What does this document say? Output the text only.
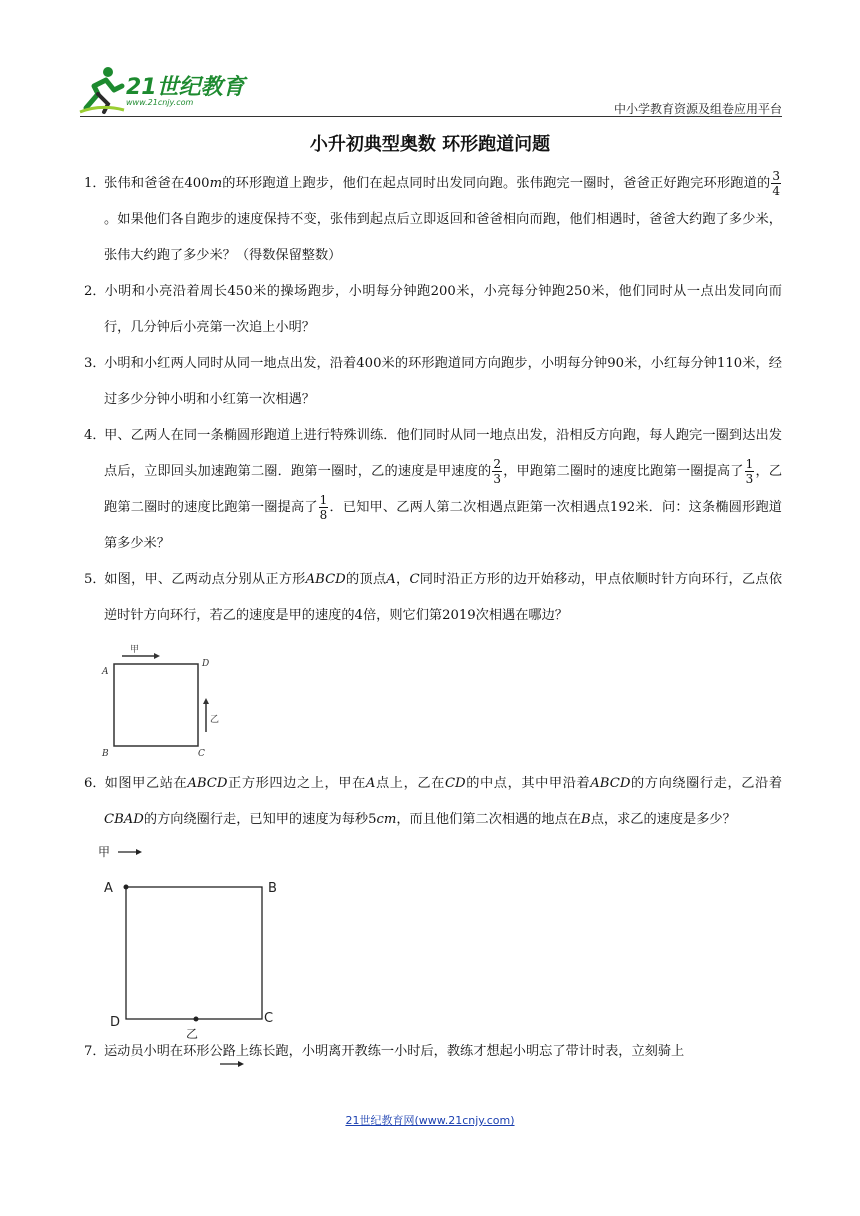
21世纪教育
www.21cnjy.com	中小学教育资源及组卷应用平台
小升初典型奥数 环形跑道问题

1．张伟和爸爸在400m的环形跑道上跑步，他们在起点同时出发同向跑。张伟跑完一圈时，爸爸正好跑完环形跑道的 $\frac{3}{4}$
。如果他们各自跑步的速度保持不变，张伟到起点后立即返回和爸爸相向而跑，他们相遇时，爸爸大约跑了多少米，张伟大约跑了多少米？（得数保留整数）

2．小明和小亮沿着周长450米的操场跑步，小明每分钟跑200米，小亮每分钟跑250米，他们同时从一点出发同向而行，几分钟后小亮第一次追上小明？

3．小明和小红两人同时从同一地点出发，沿着400米的环形跑道同方向跑步，小明每分钟90米，小红每分钟110米，经过多少分钟小明和小红第一次相遇？

4．甲、乙两人在同一条椭圆形跑道上进行特殊训练．他们同时从同一地点出发，沿相反方向跑，每人跑完一圈到达出发点后，立即回头加速跑第二圈．跑第一圈时，乙的速度是甲速度的 $\frac{2}{3}$ ，甲跑第二圈时的速度比跑第一圈提高了 $\frac{1}{3}$ ，乙跑第二圈时的速度比跑第一圈提高了 $\frac{1}{8}$ ．已知甲、乙两人第二次相遇点距第一次相遇点192米．问：这条椭圆形跑道第多少米？

5．如图，甲、乙两动点分别从正方形ABCD的顶点A，C同时沿正方形的边开始移动，甲点依顺时针方向环行，乙点依逆时针方向环行，若乙的速度是甲的速度的4倍，则它们第2019次相遇在哪边？

甲
A
D
B	C
乙

6．如图甲乙站在ABCD正方形四边之上，甲在A点上，乙在CD的中点，其中甲沿着ABCD的方向绕圈行走，乙沿着CBAD的方向绕圈行走，已知甲的速度为每秒5cm，而且他们第二次相遇的地点在B点，求乙的速度是多少？

甲
A	B
D	C
乙

7．运动员小明在环形公路上练长跑，小明离开教练一小时后，教练才想起小明忘了带计时表，立刻骑上

21世纪教育网(www.21cnjy.com)
